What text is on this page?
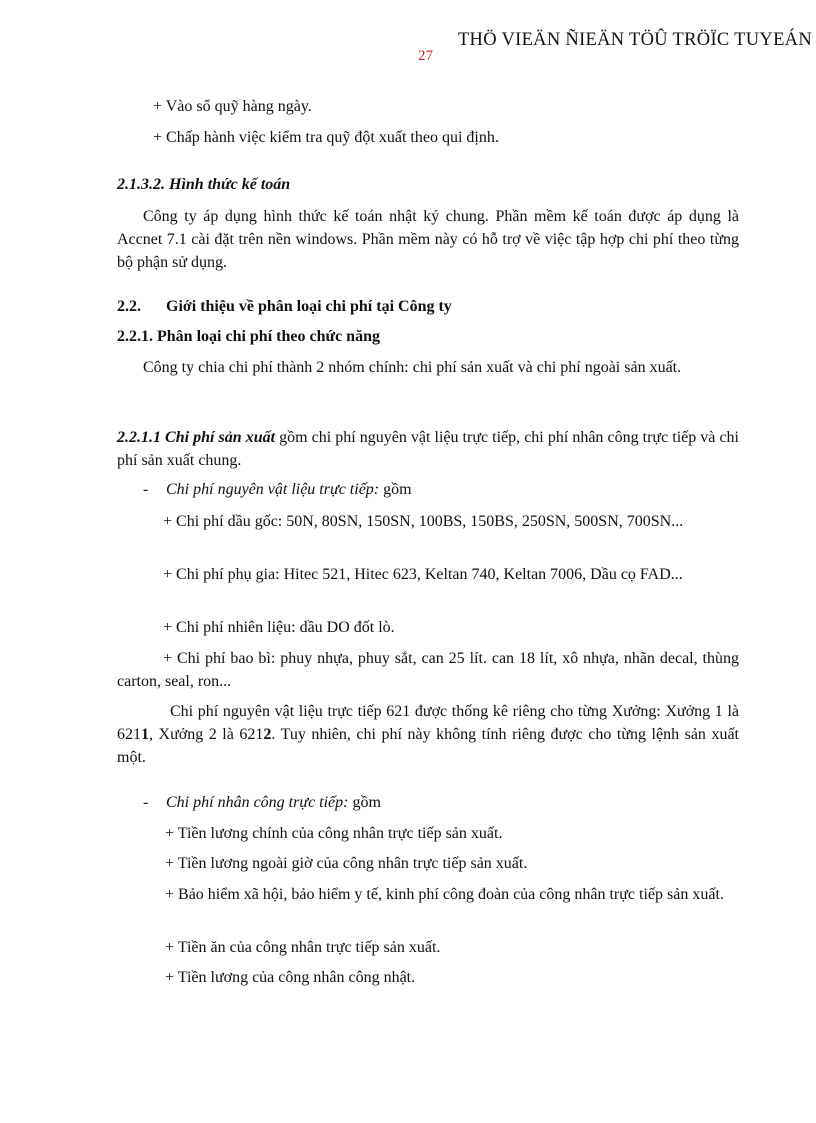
THÖ VIEÄN ÑIEÄN TÖÛ TRÖÏC TUYEÁN
27
+ Vào sổ quỹ hàng ngày.
+ Chấp hành việc kiểm tra quỹ đột xuất theo qui định.
2.1.3.2. Hình thức kế toán
Công ty áp dụng hình thức kế toán nhật ký chung. Phần mềm kế toán được áp dụng là Accnet 7.1 cài đặt trên nền windows. Phần mềm này có hỗ trợ về việc tập hợp chi phí theo từng bộ phận sử dụng.
2.2. Giới thiệu về phân loại chi phí tại Công ty
2.2.1. Phân loại chi phí theo chức năng
Công ty chia chi phí thành 2 nhóm chính: chi phí sản xuất và chi phí ngoài sản xuất.
2.2.1.1 Chi phí sản xuất gồm chi phí nguyên vật liệu trực tiếp, chi phí nhân công trực tiếp và chi phí sản xuất chung.
- Chi phí nguyên vật liệu trực tiếp: gồm
+ Chi phí dầu gốc: 50N, 80SN, 150SN, 100BS, 150BS, 250SN, 500SN, 700SN...
+ Chi phí phụ gia: Hitec 521, Hitec 623, Keltan 740, Keltan 7006, Dầu cọ FAD...
+ Chi phí nhiên liệu: dầu DO đốt lò.
+ Chi phí bao bì: phuy nhựa, phuy sắt, can 25 lít. can 18 lít, xô nhựa, nhãn decal, thùng carton, seal, ron...
Chi phí nguyên vật liệu trực tiếp 621 được thống kê riêng cho từng Xưởng: Xưởng 1 là 6211, Xưởng 2 là 6212. Tuy nhiên, chi phí này không tính riêng được cho từng lệnh sản xuất một.
- Chi phí nhân công trực tiếp: gồm
+ Tiền lương chính của công nhân trực tiếp sản xuất.
+ Tiền lương ngoài giờ của công nhân trực tiếp sản xuất.
+ Bảo hiểm xã hội, bảo hiểm y tế, kinh phí công đoàn của công nhân trực tiếp sản xuất.
+ Tiền ăn của công nhân trực tiếp sản xuất.
+ Tiền lương của công nhân công nhật.
